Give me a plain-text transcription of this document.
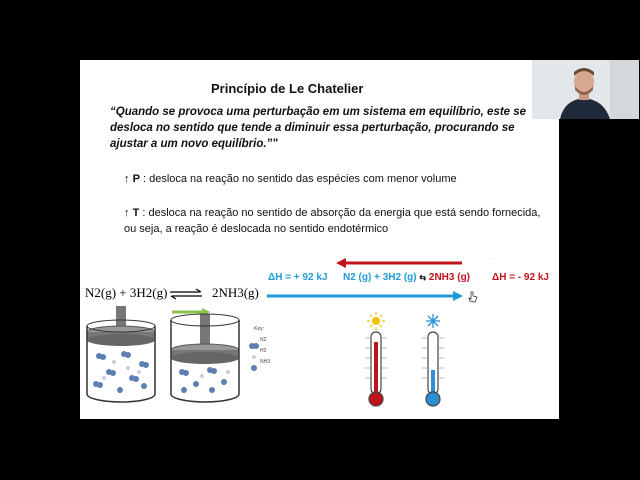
Princípio de Le Chatelier
“Quando se provoca uma perturbação em um sistema em equilíbrio, este se desloca no sentido que tende a diminuir essa perturbação, procurando se ajustar a um novo equilíbrio.”"
↑ P : desloca na reação no sentido das espécies com menor volume
↑ T : desloca na reação no sentido de absorção da energia que está sendo fornecida, ou seja, a reação é deslocada no sentido endotérmico
N2(g) + 3H2(g)	2NH3(g)
Key:
N2
H2
NH3
·····
ΔH = + 92 kJ N2 (g) + 3H2 (g) ⇆ 2NH3 (g) ΔH = - 92 kJ
